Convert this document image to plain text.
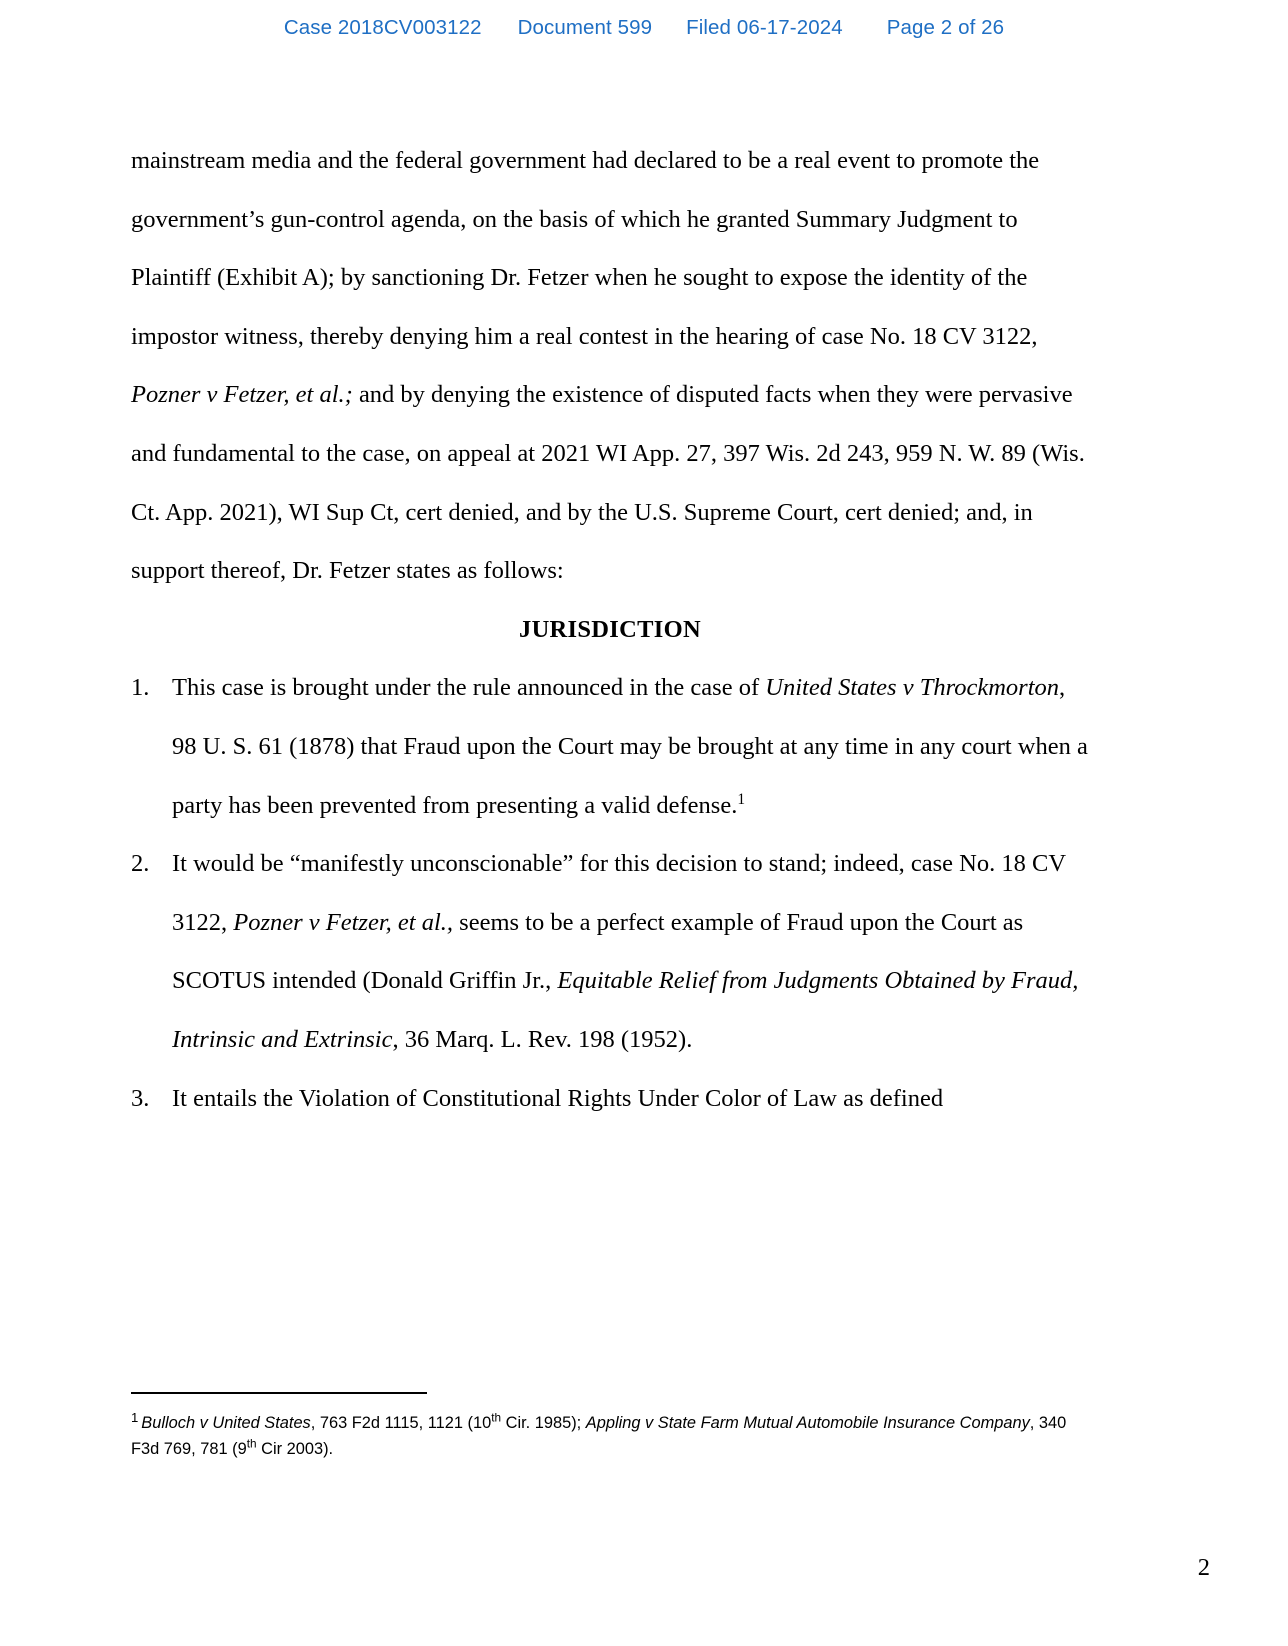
Case 2018CV003122 Document 599 Filed 06-17-2024 Page 2 of 26

mainstream media and the federal government had declared to be a real event to promote the government’s gun-control agenda, on the basis of which he granted Summary Judgment to Plaintiff (Exhibit A); by sanctioning Dr. Fetzer when he sought to expose the identity of the impostor witness, thereby denying him a real contest in the hearing of case No. 18 CV 3122, Pozner v Fetzer, et al.; and by denying the existence of disputed facts when they were pervasive and fundamental to the case, on appeal at 2021 WI App. 27, 397 Wis. 2d 243, 959 N. W. 89 (Wis. Ct. App. 2021), WI Sup Ct, cert denied, and by the U.S. Supreme Court, cert denied; and, in support thereof, Dr. Fetzer states as follows:

JURISDICTION

1. This case is brought under the rule announced in the case of United States v Throckmorton, 98 U. S. 61 (1878) that Fraud upon the Court may be brought at any time in any court when a party has been prevented from presenting a valid defense.$^1$
2. It would be “manifestly unconscionable” for this decision to stand; indeed, case No. 18 CV 3122, Pozner v Fetzer, et al., seems to be a perfect example of Fraud upon the Court as SCOTUS intended (Donald Griffin Jr., Equitable Relief from Judgments Obtained by Fraud, Intrinsic and Extrinsic, 36 Marq. L. Rev. 198 (1952).
3. It entails the Violation of Constitutional Rights Under Color of Law as defined

$^1$ Bulloch v United States, 763 F2d 1115, 1121 (10th Cir. 1985); Appling v State Farm Mutual Automobile Insurance Company, 340 F3d 769, 781 (9th Cir 2003).

2
